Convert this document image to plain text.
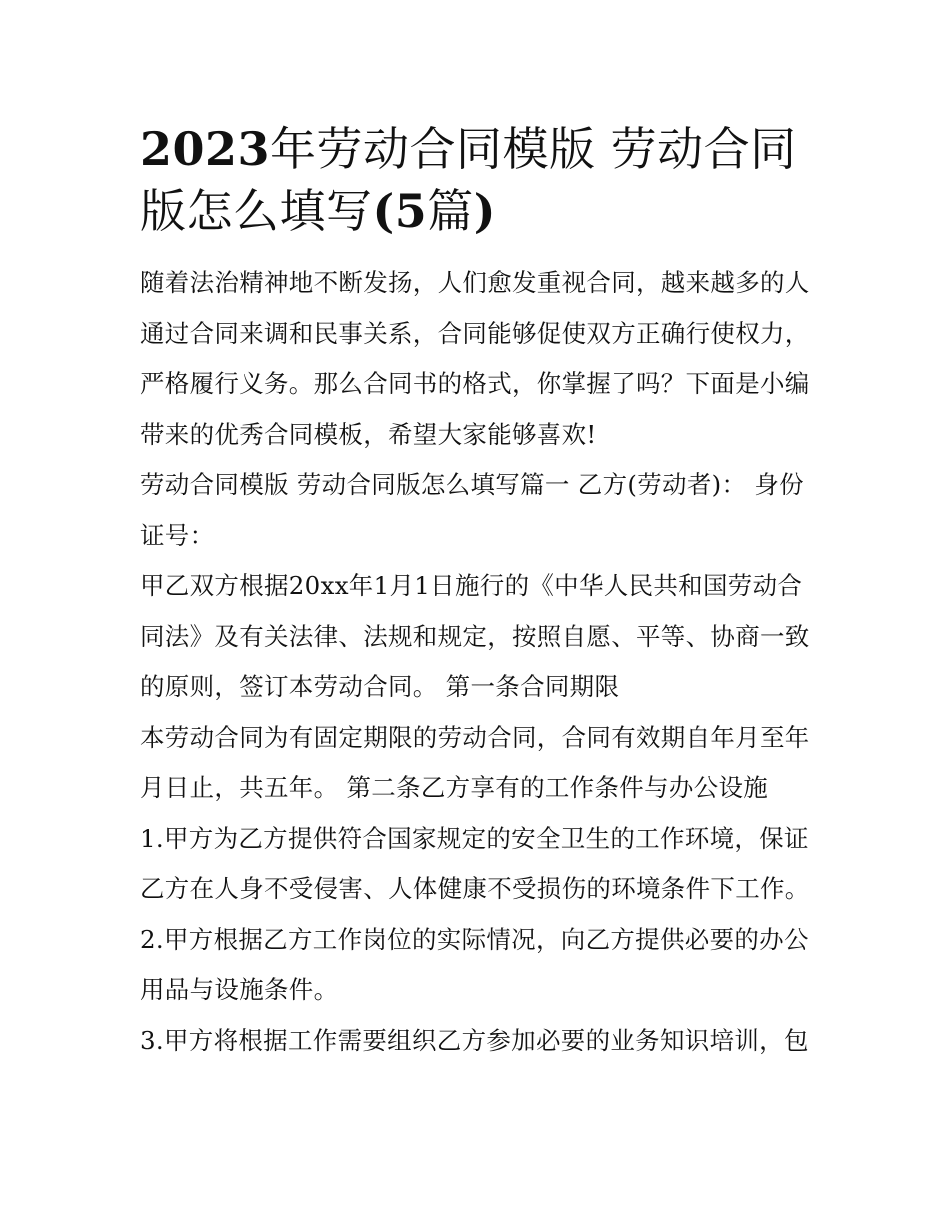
2023年劳动合同模版 劳动合同版怎么填写(5篇)

随着法治精神地不断发扬，人们愈发重视合同，越来越多的人通过合同来调和民事关系，合同能够促使双方正确行使权力，严格履行义务。那么合同书的格式，你掌握了吗？下面是小编带来的优秀合同模板，希望大家能够喜欢!

劳动合同模版 劳动合同版怎么填写篇一 乙方(劳动者)： 身份证号：

甲乙双方根据20xx年1月1日施行的《中华人民共和国劳动合同法》及有关法律、法规和规定，按照自愿、平等、协商一致的原则，签订本劳动合同。 第一条合同期限

本劳动合同为有固定期限的劳动合同，合同有效期自年月至年月日止，共五年。 第二条乙方享有的工作条件与办公设施

1.甲方为乙方提供符合国家规定的安全卫生的工作环境，保证乙方在人身不受侵害、人体健康不受损伤的环境条件下工作。

2.甲方根据乙方工作岗位的实际情况，向乙方提供必要的办公用品与设施条件。

3.甲方将根据工作需要组织乙方参加必要的业务知识培训，包
